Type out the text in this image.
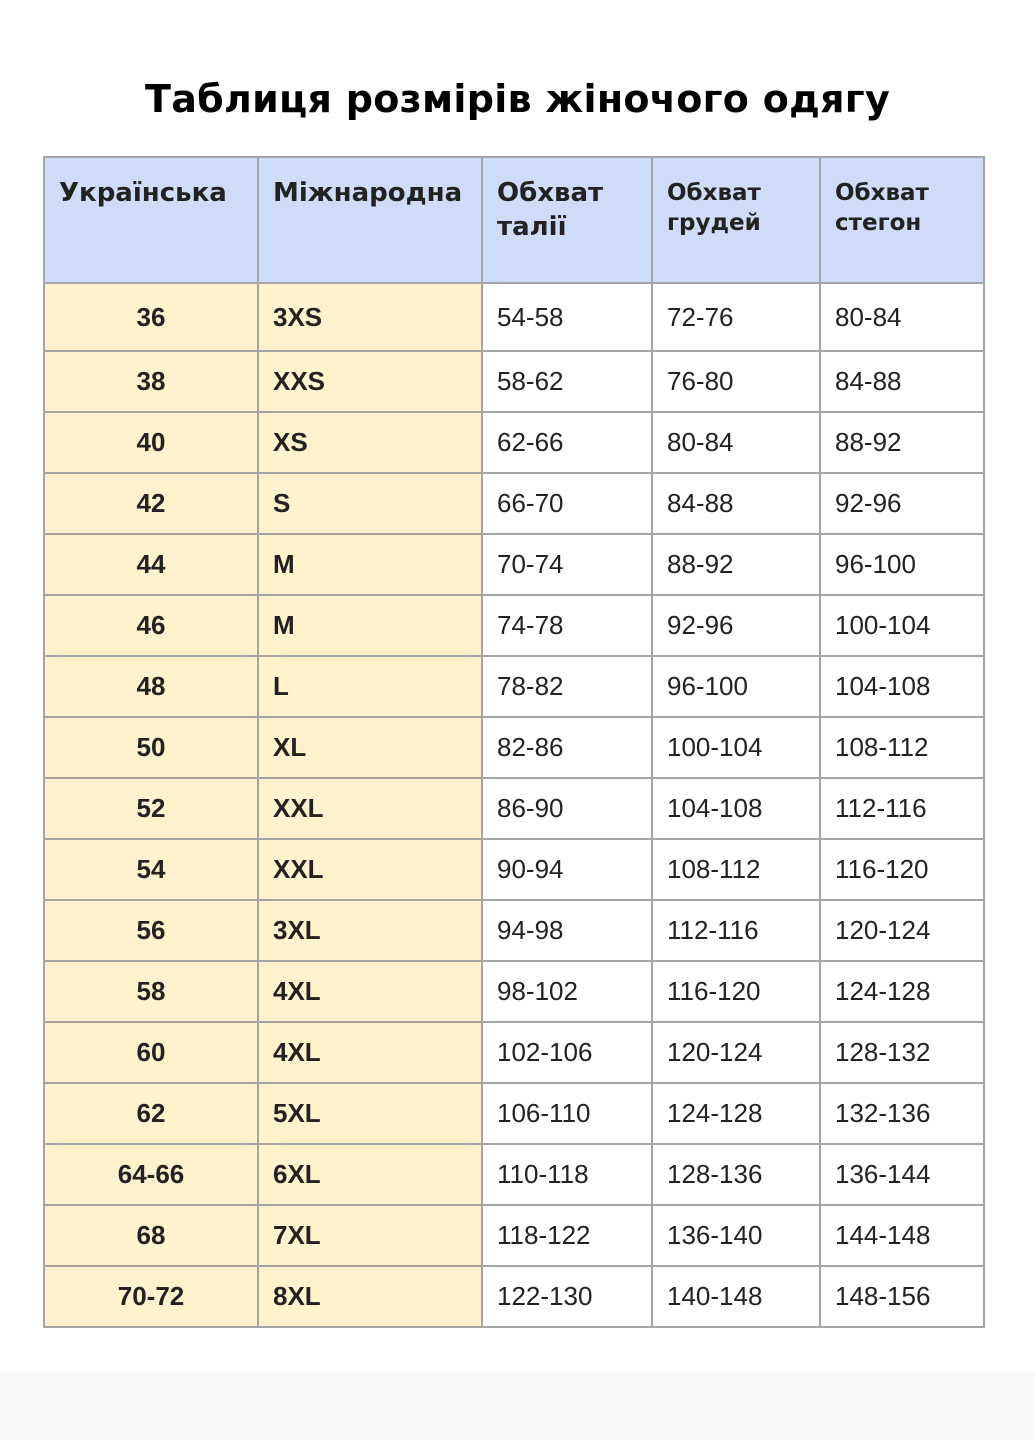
Таблиця розмірів жіночого одягу
Українська	Міжнародна	Обхват талії	Обхват грудей	Обхват стегон
36	3XS	54-58	72-76	80-84
38	XXS	58-62	76-80	84-88
40	XS	62-66	80-84	88-92
42	S	66-70	84-88	92-96
44	M	70-74	88-92	96-100
46	M	74-78	92-96	100-104
48	L	78-82	96-100	104-108
50	XL	82-86	100-104	108-112
52	XXL	86-90	104-108	112-116
54	XXL	90-94	108-112	116-120
56	3XL	94-98	112-116	120-124
58	4XL	98-102	116-120	124-128
60	4XL	102-106	120-124	128-132
62	5XL	106-110	124-128	132-136
64-66	6XL	110-118	128-136	136-144
68	7XL	118-122	136-140	144-148
70-72	8XL	122-130	140-148	148-156
